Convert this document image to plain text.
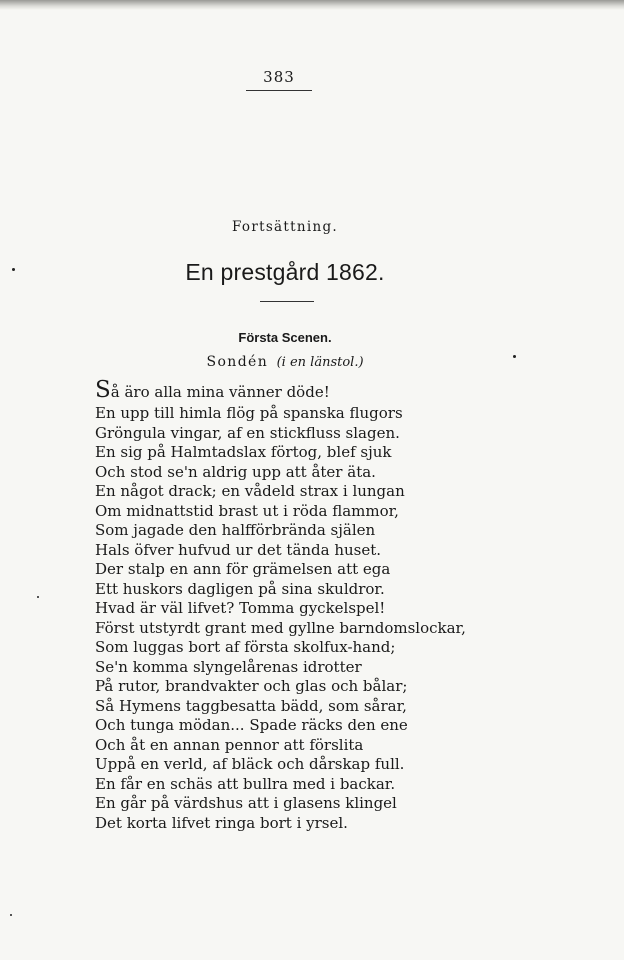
383
Fortsättning.
En prestgård 1862.
Första Scenen.
Sondén (i en länstol.)
Så äro alla mina vänner döde!
En upp till himla flög på spanska flugors
Gröngula vingar, af en stickfluss slagen.
En sig på Halmtadslax förtog, blef sjuk
Och stod se'n aldrig upp att åter äta.
En något drack; en vådeld strax i lungan
Om midnattstid brast ut i röda flammor,
Som jagade den halfförbrända själen
Hals öfver hufvud ur det tända huset.
Der stalp en ann för grämelsen att ega
Ett huskors dagligen på sina skuldror.
Hvad är väl lifvet? Tomma gyckelspel!
Först utstyrdt grant med gyllne barndomslockar,
Som luggas bort af första skolfux-hand;
Se'n komma slyngelårenas idrotter
På rutor, brandvakter och glas och bålar;
Så Hymens taggbesatta bädd, som sårar,
Och tunga mödan... Spade räcks den ene
Och åt en annan pennor att förslita
Uppå en verld, af bläck och dårskap full.
En får en schäs att bullra med i backar.
En går på värdshus att i glasens klingel
Det korta lifvet ringa bort i yrsel.
